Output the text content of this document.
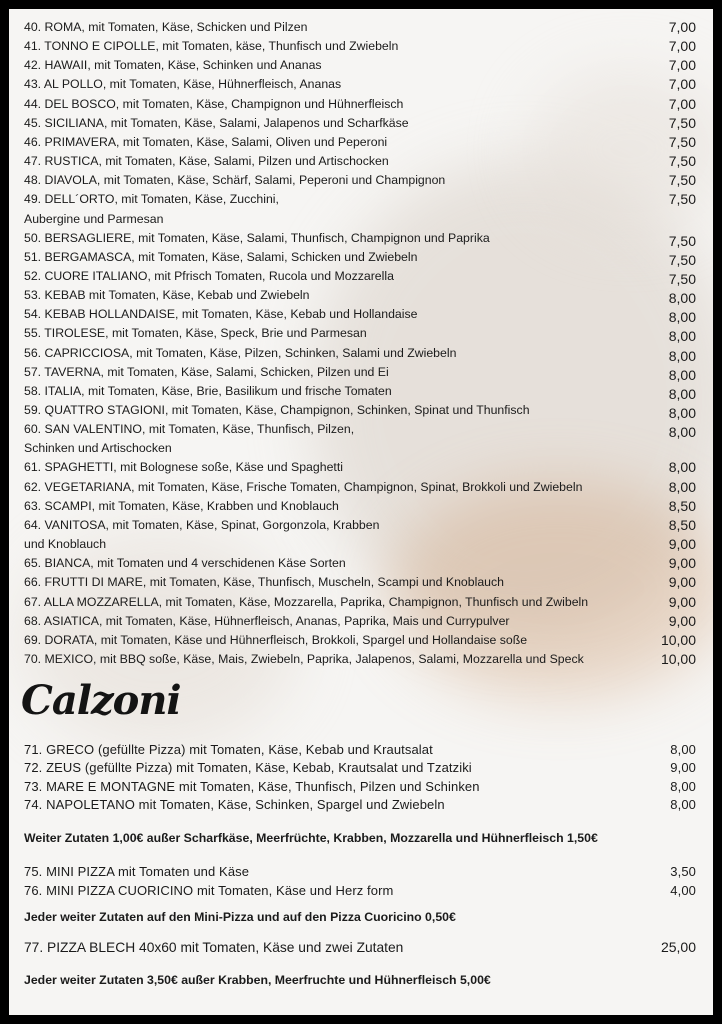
40. ROMA, mit Tomaten, Käse, Schicken und Pilzen	7,00
41. TONNO E CIPOLLE, mit Tomaten, käse, Thunfisch und Zwiebeln	7,00
42. HAWAII, mit Tomaten, Käse, Schinken und Ananas	7,00
43. AL POLLO, mit Tomaten, Käse, Hühnerfleisch, Ananas	7,00
44. DEL BOSCO, mit Tomaten, Käse, Champignon und Hühnerfleisch	7,00
45. SICILIANA, mit Tomaten, Käse, Salami, Jalapenos und Scharfkäse	7,50
46. PRIMAVERA, mit Tomaten, Käse, Salami, Oliven und Peperoni	7,50
47. RUSTICA, mit Tomaten, Käse, Salami, Pilzen und Artischocken	7,50
48. DIAVOLA, mit Tomaten, Käse, Schärf, Salami, Peperoni und Champignon	7,50
49. DELL´ORTO, mit Tomaten, Käse, Zucchini,	7,50
Aubergine und Parmesan
50. BERSAGLIERE, mit Tomaten, Käse, Salami, Thunfisch, Champignon und Paprika	7,50
51. BERGAMASCA, mit Tomaten, Käse, Salami, Schicken und Zwiebeln	7,50
52. CUORE ITALIANO, mit Pfrisch Tomaten, Rucola und Mozzarella	7,50
53. KEBAB mit Tomaten, Käse, Kebab und Zwiebeln	8,00
54. KEBAB HOLLANDAISE, mit Tomaten, Käse, Kebab und Hollandaise	8,00
55. TIROLESE, mit Tomaten, Käse, Speck, Brie und Parmesan	8,00
56. CAPRICCIOSA, mit Tomaten, Käse, Pilzen, Schinken, Salami und Zwiebeln	8,00
57. TAVERNA, mit Tomaten, Käse, Salami, Schicken, Pilzen und Ei	8,00
58. ITALIA, mit Tomaten, Käse, Brie, Basilikum und frische Tomaten	8,00
59. QUATTRO STAGIONI, mit Tomaten, Käse, Champignon, Schinken, Spinat und Thunfisch	8,00
60. SAN VALENTINO, mit Tomaten, Käse, Thunfisch, Pilzen,	8,00
Schinken und Artischocken
61. SPAGHETTI, mit Bolognese soße, Käse und Spaghetti	8,00
62. VEGETARIANA, mit Tomaten, Käse, Frische Tomaten, Champignon, Spinat, Brokkoli und Zwiebeln	8,00
63. SCAMPI, mit Tomaten, Käse, Krabben und Knoblauch	8,50
64. VANITOSA, mit Tomaten, Käse, Spinat, Gorgonzola, Krabben	8,50
und Knoblauch	9,00
65. BIANCA, mit Tomaten und 4 verschidenen Käse Sorten	9,00
66. FRUTTI DI MARE, mit Tomaten, Käse, Thunfisch, Muscheln, Scampi und Knoblauch	9,00
67. ALLA MOZZARELLA, mit Tomaten, Käse, Mozzarella, Paprika, Champignon, Thunfisch und Zwibeln	9,00
68. ASIATICA, mit Tomaten, Käse, Hühnerfleisch, Ananas, Paprika, Mais und Currypulver	9,00
69. DORATA, mit Tomaten, Käse und Hühnerfleisch, Brokkoli, Spargel und Hollandaise soße	10,00
70. MEXICO, mit BBQ soße, Käse, Mais, Zwiebeln, Paprika, Jalapenos, Salami, Mozzarella und Speck	10,00
Calzoni
71. GRECO (gefüllte Pizza) mit Tomaten, Käse, Kebab und Krautsalat	8,00
72. ZEUS (gefüllte Pizza) mit Tomaten, Käse, Kebab, Krautsalat und Tzatziki	9,00
73. MARE E MONTAGNE mit Tomaten, Käse, Thunfisch, Pilzen und Schinken	8,00
74. NAPOLETANO mit Tomaten, Käse, Schinken, Spargel und Zwiebeln	8,00
Weiter Zutaten 1,00€ außer Scharfkäse, Meerfrüchte, Krabben, Mozzarella und Hühnerfleisch 1,50€
75. MINI PIZZA mit Tomaten und Käse	3,50
76. MINI PIZZA CUORICINO mit Tomaten, Käse und Herz form	4,00
Jeder weiter Zutaten auf den Mini-Pizza und auf den Pizza Cuoricino 0,50€
77. PIZZA BLECH 40x60 mit Tomaten, Käse und zwei Zutaten	25,00
Jeder weiter Zutaten 3,50€ außer Krabben, Meerfruchte und Hühnerfleisch 5,00€
